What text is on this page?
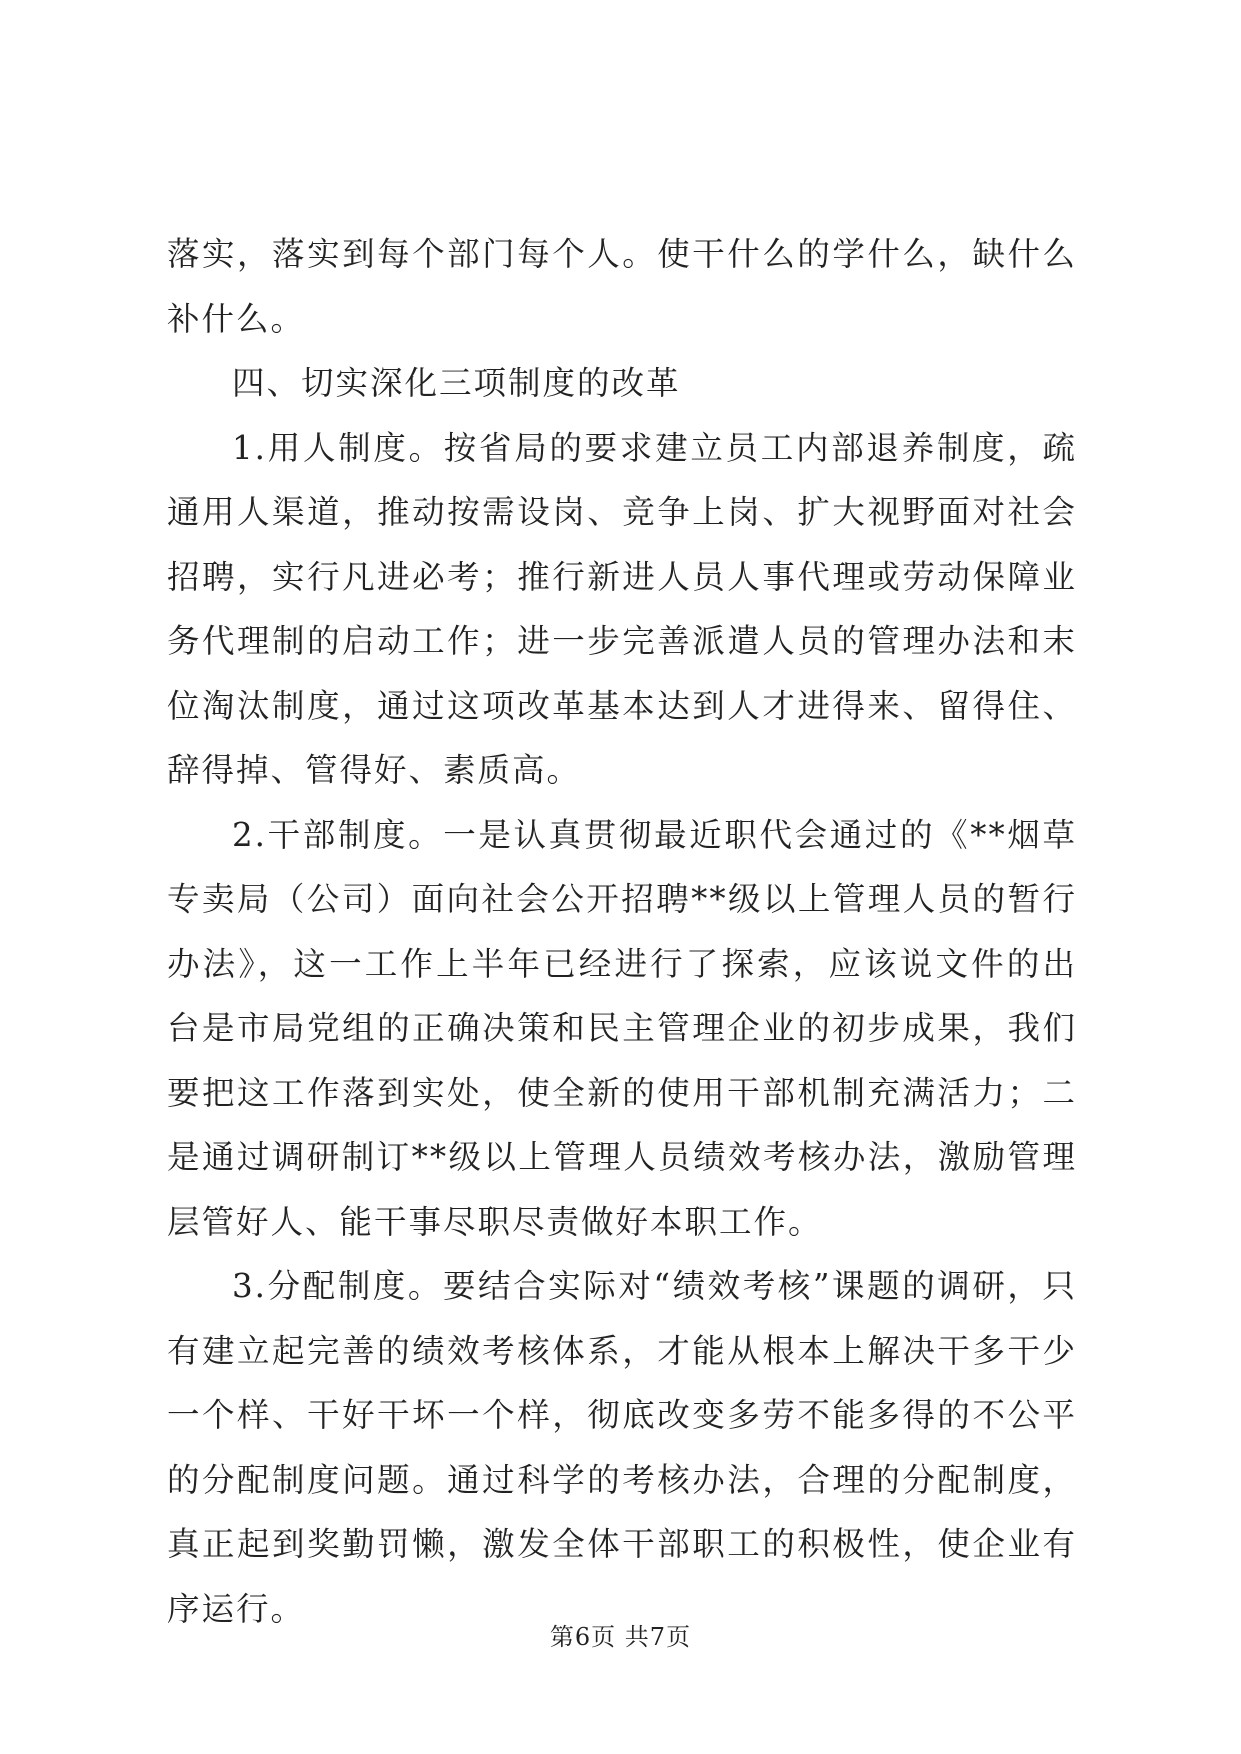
落实，落实到每个部门每个人。使干什么的学什么，缺什么补什么。

四、切实深化三项制度的改革

1.用人制度。按省局的要求建立员工内部退养制度，疏通用人渠道，推动按需设岗、竞争上岗、扩大视野面对社会招聘，实行凡进必考；推行新进人员人事代理或劳动保障业务代理制的启动工作；进一步完善派遣人员的管理办法和末位淘汰制度，通过这项改革基本达到人才进得来、留得住、辞得掉、管得好、素质高。

2.干部制度。一是认真贯彻最近职代会通过的《**烟草专卖局（公司）面向社会公开招聘**级以上管理人员的暂行办法》，这一工作上半年已经进行了探索，应该说文件的出台是市局党组的正确决策和民主管理企业的初步成果，我们要把这工作落到实处，使全新的使用干部机制充满活力；二是通过调研制订**级以上管理人员绩效考核办法，激励管理层管好人、能干事尽职尽责做好本职工作。

3.分配制度。要结合实际对“绩效考核”课题的调研，只有建立起完善的绩效考核体系，才能从根本上解决干多干少一个样、干好干坏一个样，彻底改变多劳不能多得的不公平的分配制度问题。通过科学的考核办法，合理的分配制度，真正起到奖勤罚懒，激发全体干部职工的积极性，使企业有序运行。

第6页 共7页
